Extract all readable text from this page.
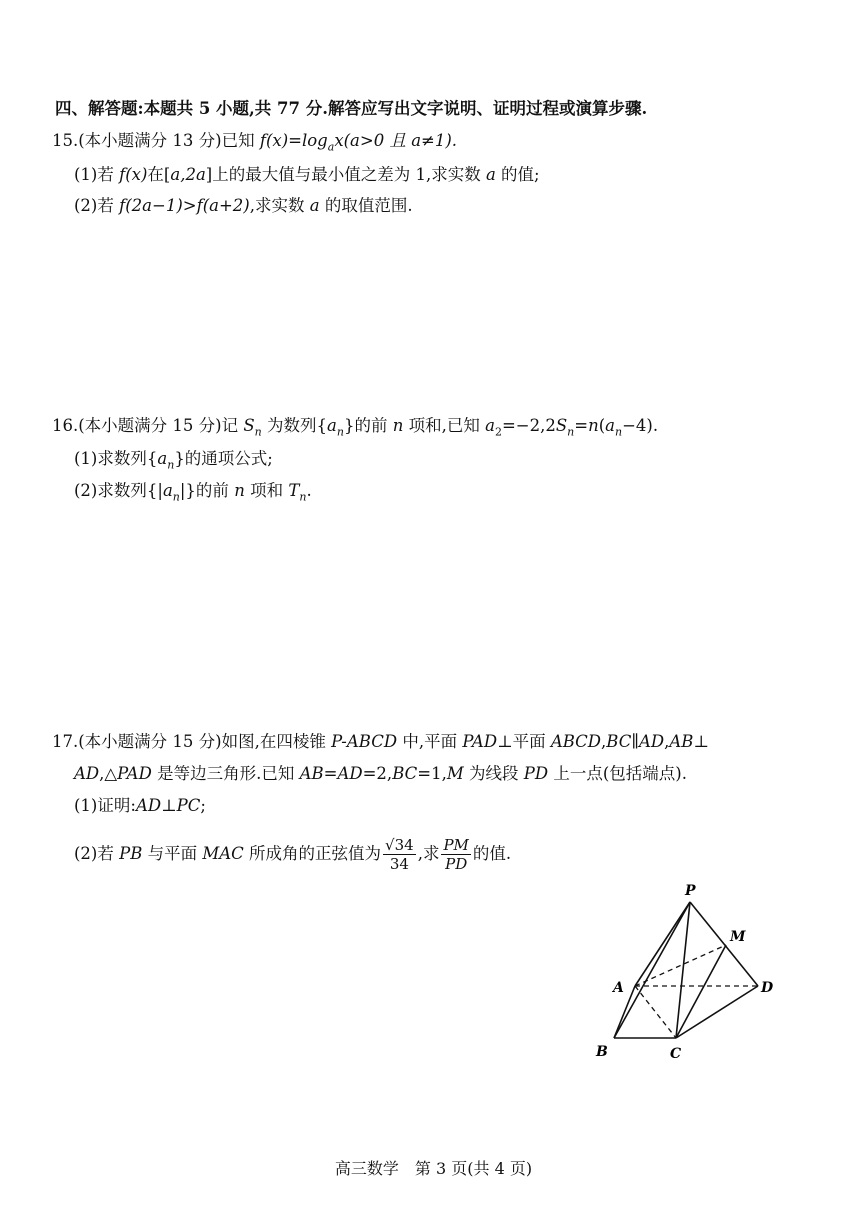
四、解答题:本题共 5 小题,共 77 分.解答应写出文字说明、证明过程或演算步骤.
15.(本小题满分 13 分)已知 $f(x)=\log_ax(a>0$ 且 a≠1).
(1)若 f(x)在[a,2a]上的最大值与最小值之差为 1,求实数 a 的值;
(2)若 f(2a−1)>f(a+2),求实数 a 的取值范围.
16.(本小题满分 15 分)记 $S_n$ 为数列$\{a_n\}$的前 n 项和,已知 $a_2=-2,2S_n=n(a_n-4)$.
(1)求数列$\{a_n\}$的通项公式;
(2)求数列$\{|a_n|\}$的前 n 项和 $T_n$.
17.(本小题满分 15 分)如图,在四棱锥 P-ABCD 中,平面 PAD⊥平面 ABCD,BC∥AD,AB⊥
AD,△PAD 是等边三角形.已知 AB=AD=2,BC=1,M 为线段 PD 上一点(包括端点).
(1)证明:AD⊥PC;
(2)若 PB 与平面 MAC 所成角的正弦值为 $\frac{√34}{34}$ ,求 $\frac{PM}{PD}$ 的值.
P
M
A	D
B	C
高三数学　第 3 页(共 4 页)
